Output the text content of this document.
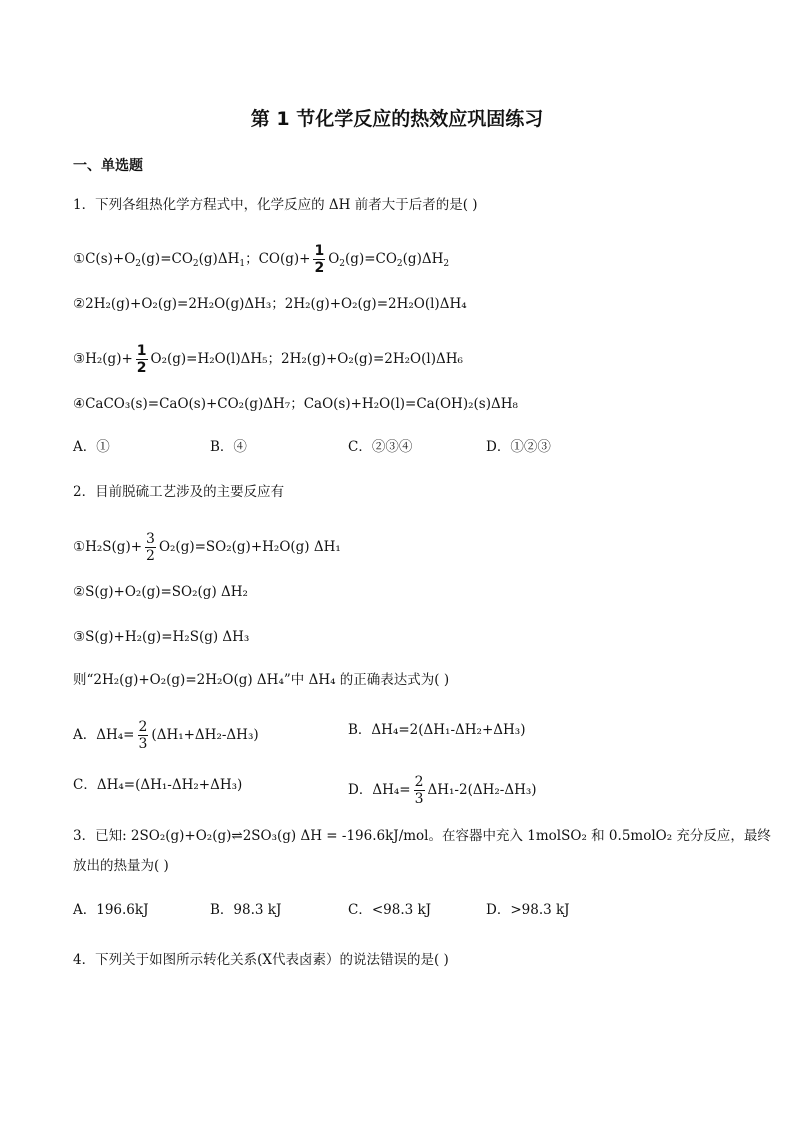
第 1 节化学反应的热效应巩固练习
一、单选题
1．下列各组热化学方程式中，化学反应的 ΔH 前者大于后者的是( )
$①C(s)+O_2(g)=CO_2(g)\Delta H_1$；$CO(g)+ \frac{1}{2} O_2(g)=CO_2(g)\Delta H_2$
②2H₂(g)+O₂(g)=2H₂O(g)ΔH₃；2H₂(g)+O₂(g)=2H₂O(l)ΔH₄
③H₂(g)+ $\frac{1}{2} O_2(g)=H_2O(l)\Delta H_5$；2H₂(g)+O₂(g)=2H₂O(l)ΔH₆
④CaCO₃(s)=CaO(s)+CO₂(g)ΔH₇；CaO(s)+H₂O(l)=Ca(OH)₂(s)ΔH₈
A．①	B．④	C．②③④	D．①②③
2．目前脱硫工艺涉及的主要反应有
①H₂S(g)+ $\frac{3}{2} O_2(g)=SO_2(g)+H_2O(g)$ ΔH₁
②S(g)+O₂(g)=SO₂(g) ΔH₂
③S(g)+H₂(g)=H₂S(g) ΔH₃
则“2H₂(g)+O₂(g)=2H₂O(g) ΔH₄”中 ΔH₄ 的正确表达式为( )
A．$\Delta H_4= \frac{2}{3} (\Delta H_1+\Delta H_2-\Delta H_3)$	B．ΔH₄=2(ΔH₁-ΔH₂+ΔH₃)
C．ΔH₄=(ΔH₁-ΔH₂+ΔH₃)	D．$\Delta H_4= \frac{2}{3} \Delta H_1-2(\Delta H_2-\Delta H_3)$
3．已知: 2SO₂(g)+O₂(g)⇌2SO₃(g) ΔH = -196.6kJ/mol。在容器中充入 1molSO₂ 和 0.5molO₂ 充分反应，最终
放出的热量为( )
A．196.6kJ	B．98.3 kJ	C．<98.3 kJ	D．>98.3 kJ
4．下列关于如图所示转化关系(X代表卤素）的说法错误的是( )
